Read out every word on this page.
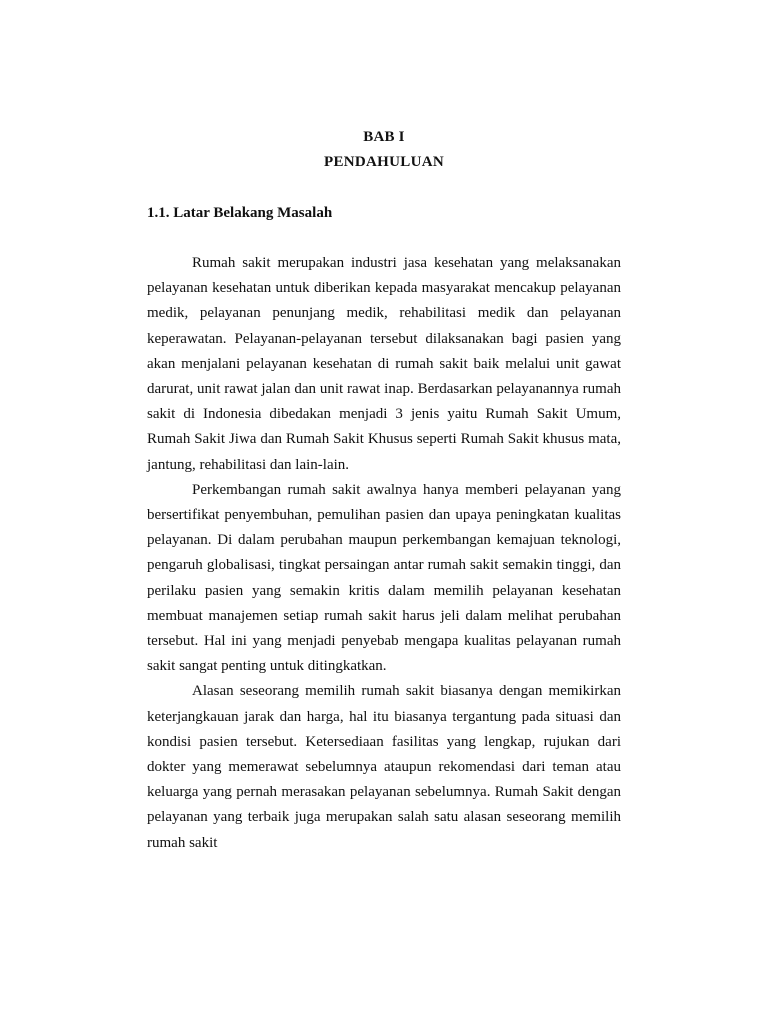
BAB I
PENDAHULUAN
1.1. Latar Belakang Masalah

Rumah sakit merupakan industri jasa kesehatan yang melaksanakan pelayanan kesehatan untuk diberikan kepada masyarakat mencakup pelayanan medik, pelayanan penunjang medik, rehabilitasi medik dan pelayanan keperawatan. Pelayanan-pelayanan tersebut dilaksanakan bagi pasien yang akan menjalani pelayanan kesehatan di rumah sakit baik melalui unit gawat darurat, unit rawat jalan dan unit rawat inap. Berdasarkan pelayanannya rumah sakit di Indonesia dibedakan menjadi 3 jenis yaitu Rumah Sakit Umum, Rumah Sakit Jiwa dan Rumah Sakit Khusus seperti Rumah Sakit khusus mata, jantung, rehabilitasi dan lain-lain.

Perkembangan rumah sakit awalnya hanya memberi pelayanan yang bersertifikat penyembuhan, pemulihan pasien dan upaya peningkatan kualitas pelayanan. Di dalam perubahan maupun perkembangan kemajuan teknologi, pengaruh globalisasi, tingkat persaingan antar rumah sakit semakin tinggi, dan perilaku pasien yang semakin kritis dalam memilih pelayanan kesehatan membuat manajemen setiap rumah sakit harus jeli dalam melihat perubahan tersebut. Hal ini yang menjadi penyebab mengapa kualitas pelayanan rumah sakit sangat penting untuk ditingkatkan.

Alasan seseorang memilih rumah sakit biasanya dengan memikirkan keterjangkauan jarak dan harga, hal itu biasanya tergantung pada situasi dan kondisi pasien tersebut. Ketersediaan fasilitas yang lengkap, rujukan dari dokter yang memerawat sebelumnya ataupun rekomendasi dari teman atau keluarga yang pernah merasakan pelayanan sebelumnya. Rumah Sakit dengan pelayanan yang terbaik juga merupakan salah satu alasan seseorang memilih rumah sakit
